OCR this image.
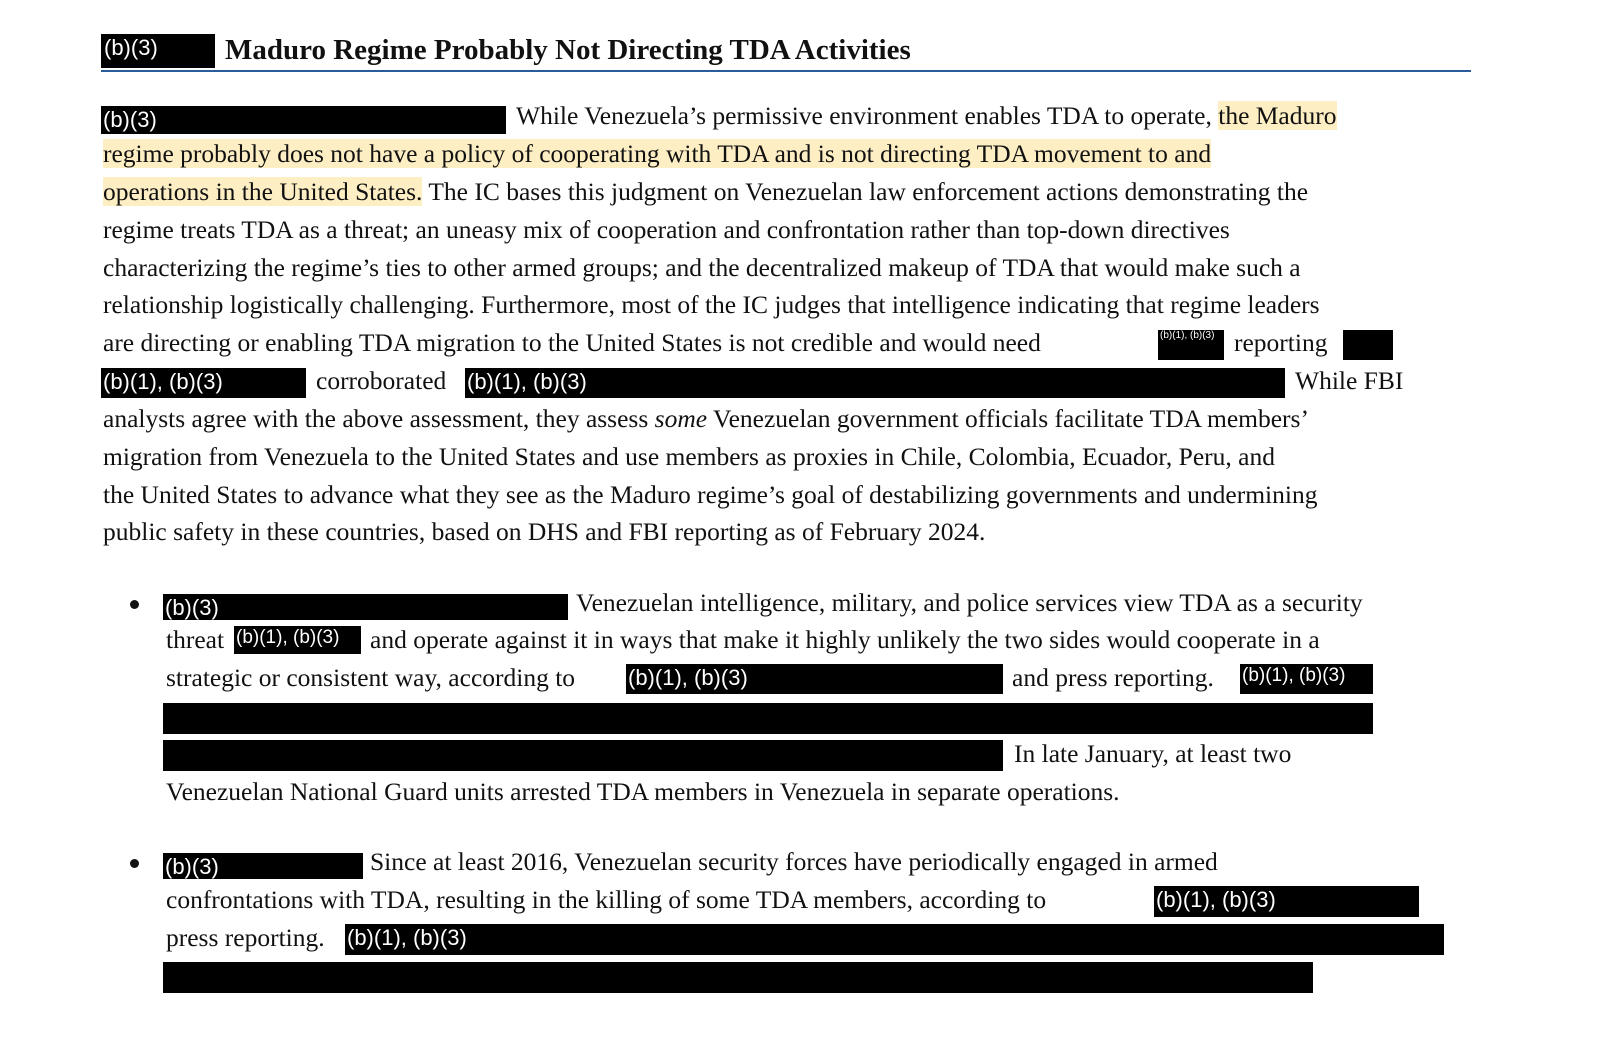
(b)(3)	Maduro Regime Probably Not Directing TDA Activities
(b)(3)	While Venezuela’s permissive environment enables TDA to operate, the Maduro
regime probably does not have a policy of cooperating with TDA and is not directing TDA movement to and
operations in the United States. The IC bases this judgment on Venezuelan law enforcement actions demonstrating the
regime treats TDA as a threat; an uneasy mix of cooperation and confrontation rather than top-down directives
characterizing the regime’s ties to other armed groups; and the decentralized makeup of TDA that would make such a
relationship logistically challenging. Furthermore, most of the IC judges that intelligence indicating that regime leaders
are directing or enabling TDA migration to the United States is not credible and would need	(b)(1), (b)(3) reporting
(b)(1), (b)(3)	corroborated (b)(1), (b)(3)	While FBI
analysts agree with the above assessment, they assess some Venezuelan government officials facilitate TDA members’
migration from Venezuela to the United States and use members as proxies in Chile, Colombia, Ecuador, Peru, and
the United States to advance what they see as the Maduro regime’s goal of destabilizing governments and undermining
public safety in these countries, based on DHS and FBI reporting as of February 2024.
(b)(3)	Venezuelan intelligence, military, and police services view TDA as a security
threat (b)(1), (b)(3)	and operate against it in ways that make it highly unlikely the two sides would cooperate in a
strategic or consistent way, according to (b)(1), (b)(3)	and press reporting. (b)(1), (b)(3)
In late January, at least two
Venezuelan National Guard units arrested TDA members in Venezuela in separate operations.
(b)(3)	Since at least 2016, Venezuelan security forces have periodically engaged in armed
confrontations with TDA, resulting in the killing of some TDA members, according to	(b)(1), (b)(3)
press reporting. (b)(1), (b)(3)
